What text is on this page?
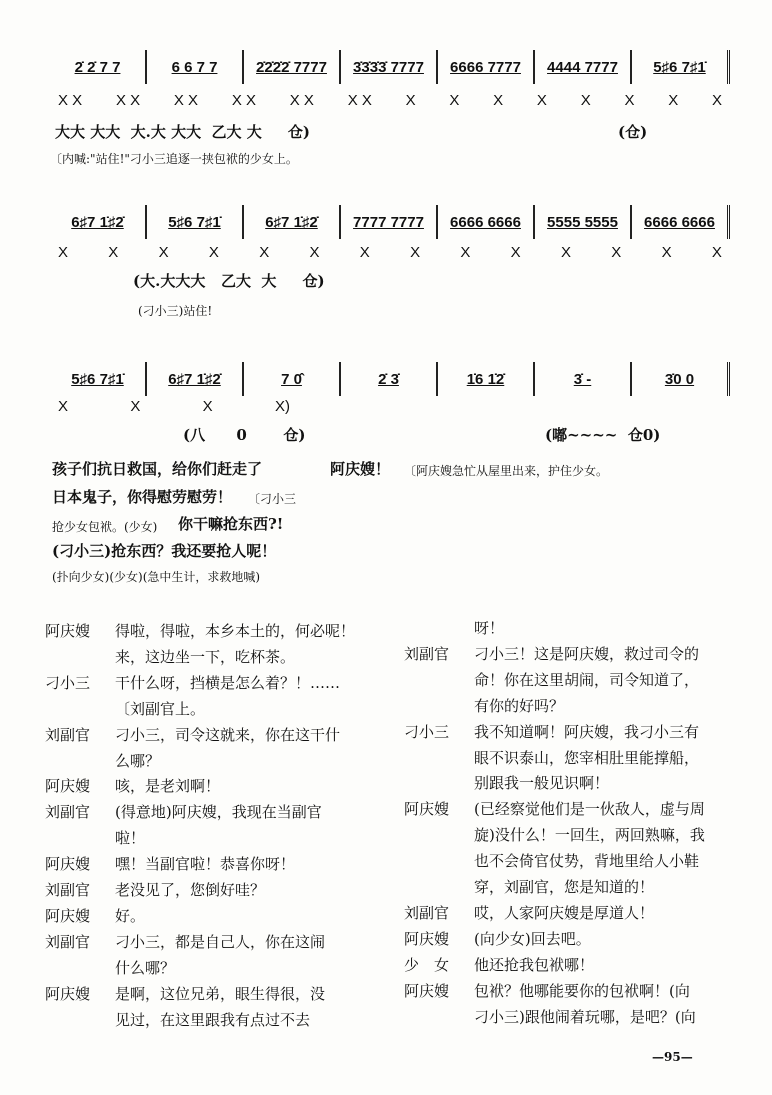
2̇ 2̇ 7 7	6 6 7 7	2̇2̇2̇2̇ 7777	3̇3̇3̇3̇ 7777	6666 7777	4444 7777	5♯6 7♯1̇
X X X X X X X X X X X X X X X X X X X X
大大 大大  大.大 大大  乙大 大     仓)	(仓)
〔内喊:"站住!"刁小三追逐一挟包袱的少女上。
6♯7 1̇♯2̇	5♯6 7♯1̇	6♯7 1̇♯2̇	7777 7777	6666 6666	5555 5555	6666 6666
X	X	X	X	X	X	X	X	X	X	X	X	X	X
(大.大大大   乙大  大     仓)
(刁小三)站住!
5♯6 7♯1̇	6♯7 1̇♯2̇	7 0̂	2̇ 3̇	1̇6 1̇2̇	3̇ -	3̇0 0
X	X	X	X)
(八      0       仓)	(嘟~~~~  仓0)
孩子们抗日救国，给你们赶走了
日本鬼子，你得慰劳慰劳！ 〔刁小三
抢少女包袱。(少女) 你干嘛抢东西?!
(刁小三)抢东西？我还要抢人呢！
(扑向少女)(少女)(急中生计，求救地喊)
阿庆嫂！ 〔阿庆嫂急忙从屋里出来，护住少女。
阿庆嫂	得啦，得啦，本乡本土的，何必呢！
来，这边坐一下，吃杯茶。
刁小三	干什么呀，挡横是怎么着？！……
〔刘副官上。
刘副官	刁小三，司令这就来，你在这干什
么哪？
阿庆嫂	咳，是老刘啊！
刘副官	(得意地)阿庆嫂，我现在当副官
啦！
阿庆嫂	嘿！当副官啦！恭喜你呀！
刘副官	老没见了，您倒好哇？
阿庆嫂	好。
刘副官	刁小三，都是自己人，你在这闹
什么哪？
阿庆嫂	是啊，这位兄弟，眼生得很，没
见过，在这里跟我有点过不去
呀！
刘副官	刁小三！这是阿庆嫂，救过司令的
命！你在这里胡闹，司令知道了，
有你的好吗？
刁小三	我不知道啊！阿庆嫂，我刁小三有
眼不识泰山，您宰相肚里能撑船，
别跟我一般见识啊！
阿庆嫂	(已经察觉他们是一伙敌人，虚与周
旋)没什么！一回生，两回熟嘛，我
也不会倚官仗势，背地里给人小鞋
穿，刘副官，您是知道的！
刘副官	哎，人家阿庆嫂是厚道人！
阿庆嫂	(向少女)回去吧。
少　女	他还抢我包袱哪！
阿庆嫂	包袱？他哪能要你的包袱啊！(向
刁小三)跟他闹着玩哪，是吧？(向
—95—
